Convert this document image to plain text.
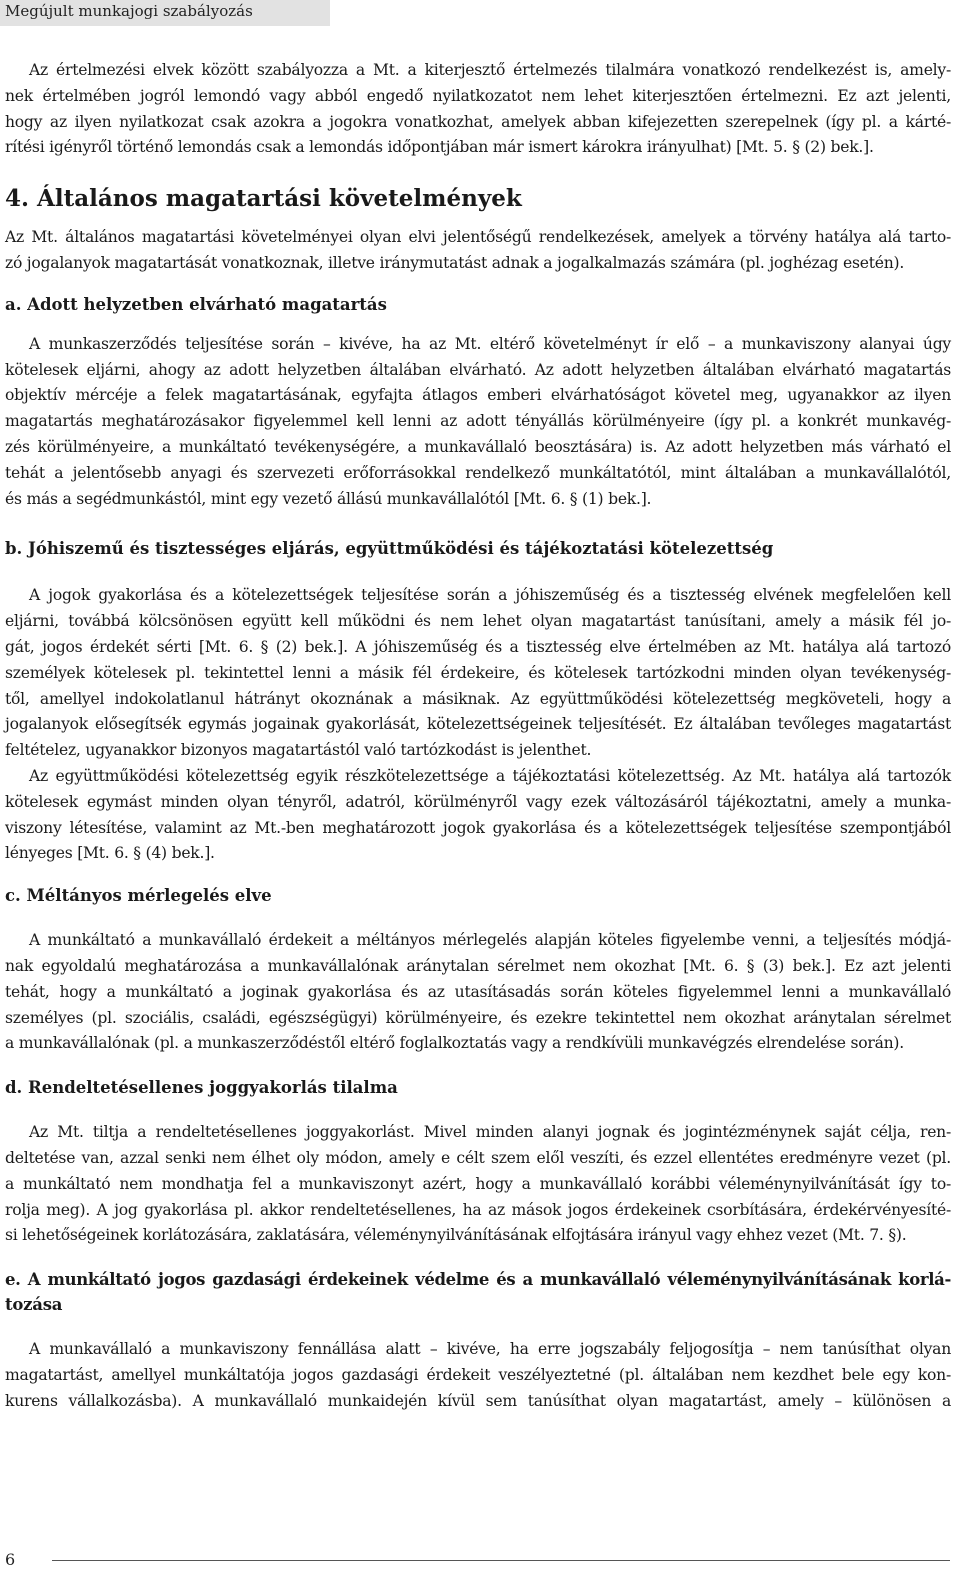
Megújult munkajogi szabályozás

Az értelmezési elvek között szabályozza a Mt. a kiterjesztő értelmezés tilalmára vonatkozó rendelkezést is, amely-
nek értelmében jogról lemondó vagy abból engedő nyilatkozatot nem lehet kiterjesztően értelmezni. Ez azt jelenti,
hogy az ilyen nyilatkozat csak azokra a jogokra vonatkozhat, amelyek abban kifejezetten szerepelnek (így pl. a kárté-
rítési igényről történő lemondás csak a lemondás időpontjában már ismert károkra irányulhat) [Mt. 5. § (2) bek.].

4. Általános magatartási követelmények

Az Mt. általános magatartási követelményei olyan elvi jelentőségű rendelkezések, amelyek a törvény hatálya alá tarto-
zó jogalanyok magatartását vonatkoznak, illetve iránymutatást adnak a jogalkalmazás számára (pl. joghézag esetén).

a. Adott helyzetben elvárható magatartás

A munkaszerződés teljesítése során – kivéve, ha az Mt. eltérő követelményt ír elő – a munkaviszony alanyai úgy
kötelesek eljárni, ahogy az adott helyzetben általában elvárható. Az adott helyzetben általában elvárható magatartás
objektív mércéje a felek magatartásának, egyfajta átlagos emberi elvárhatóságot követel meg, ugyanakkor az ilyen
magatartás meghatározásakor figyelemmel kell lenni az adott tényállás körülményeire (így pl. a konkrét munkavég-
zés körülményeire, a munkáltató tevékenységére, a munkavállaló beosztására) is. Az adott helyzetben más várható el
tehát a jelentősebb anyagi és szervezeti erőforrásokkal rendelkező munkáltatótól, mint általában a munkavállalótól,
és más a segédmunkástól, mint egy vezető állású munkavállalótól [Mt. 6. § (1) bek.].

b. Jóhiszemű és tisztességes eljárás, együttműködési és tájékoztatási kötelezettség

A jogok gyakorlása és a kötelezettségek teljesítése során a jóhiszeműség és a tisztesség elvének megfelelően kell
eljárni, továbbá kölcsönösen együtt kell működni és nem lehet olyan magatartást tanúsítani, amely a másik fél jo-
gát, jogos érdekét sérti [Mt. 6. § (2) bek.]. A jóhiszeműség és a tisztesség elve értelmében az Mt. hatálya alá tartozó
személyek kötelesek pl. tekintettel lenni a másik fél érdekeire, és kötelesek tartózkodni minden olyan tevékenység-
től, amellyel indokolatlanul hátrányt okoznának a másiknak. Az együttműködési kötelezettség megköveteli, hogy a
jogalanyok elősegítsék egymás jogainak gyakorlását, kötelezettségeinek teljesítését. Ez általában tevőleges magatartást
feltételez, ugyanakkor bizonyos magatartástól való tartózkodást is jelenthet.

Az együttműködési kötelezettség egyik részkötelezettsége a tájékoztatási kötelezettség. Az Mt. hatálya alá tartozók
kötelesek egymást minden olyan tényről, adatról, körülményről vagy ezek változásáról tájékoztatni, amely a munka-
viszony létesítése, valamint az Mt.-ben meghatározott jogok gyakorlása és a kötelezettségek teljesítése szempontjából
lényeges [Mt. 6. § (4) bek.].

c. Méltányos mérlegelés elve

A munkáltató a munkavállaló érdekeit a méltányos mérlegelés alapján köteles figyelembe venni, a teljesítés módjá-
nak egyoldalú meghatározása a munkavállalónak aránytalan sérelmet nem okozhat [Mt. 6. § (3) bek.]. Ez azt jelenti
tehát, hogy a munkáltató a joginak gyakorlása és az utasításadás során köteles figyelemmel lenni a munkavállaló
személyes (pl. szociális, családi, egészségügyi) körülményeire, és ezekre tekintettel nem okozhat aránytalan sérelmet
a munkavállalónak (pl. a munkaszerződéstől eltérő foglalkoztatás vagy a rendkívüli munkavégzés elrendelése során).

d. Rendeltetésellenes joggyakorlás tilalma

Az Mt. tiltja a rendeltetésellenes joggyakorlást. Mivel minden alanyi jognak és jogintézménynek saját célja, ren-
deltetése van, azzal senki nem élhet oly módon, amely e célt szem elől veszíti, és ezzel ellentétes eredményre vezet (pl.
a munkáltató nem mondhatja fel a munkaviszonyt azért, hogy a munkavállaló korábbi véleménynyilvánítását így to-
rolja meg). A jog gyakorlása pl. akkor rendeltetésellenes, ha az mások jogos érdekeinek csorbítására, érdekérvényesíté-
si lehetőségeinek korlátozására, zaklatására, véleménynyilvánításának elfojtására irányul vagy ehhez vezet (Mt. 7. §).

e. A munkáltató jogos gazdasági érdekeinek védelme és a munkavállaló véleménynyilvánításának korlá-
tozása

A munkavállaló a munkaviszony fennállása alatt – kivéve, ha erre jogszabály feljogosítja – nem tanúsíthat olyan
magatartást, amellyel munkáltatója jogos gazdasági érdekeit veszélyeztetné (pl. általában nem kezdhet bele egy kon-
kurens vállalkozásba). A munkavállaló munkaidején kívül sem tanúsíthat olyan magatartást, amely – különösen a

6
